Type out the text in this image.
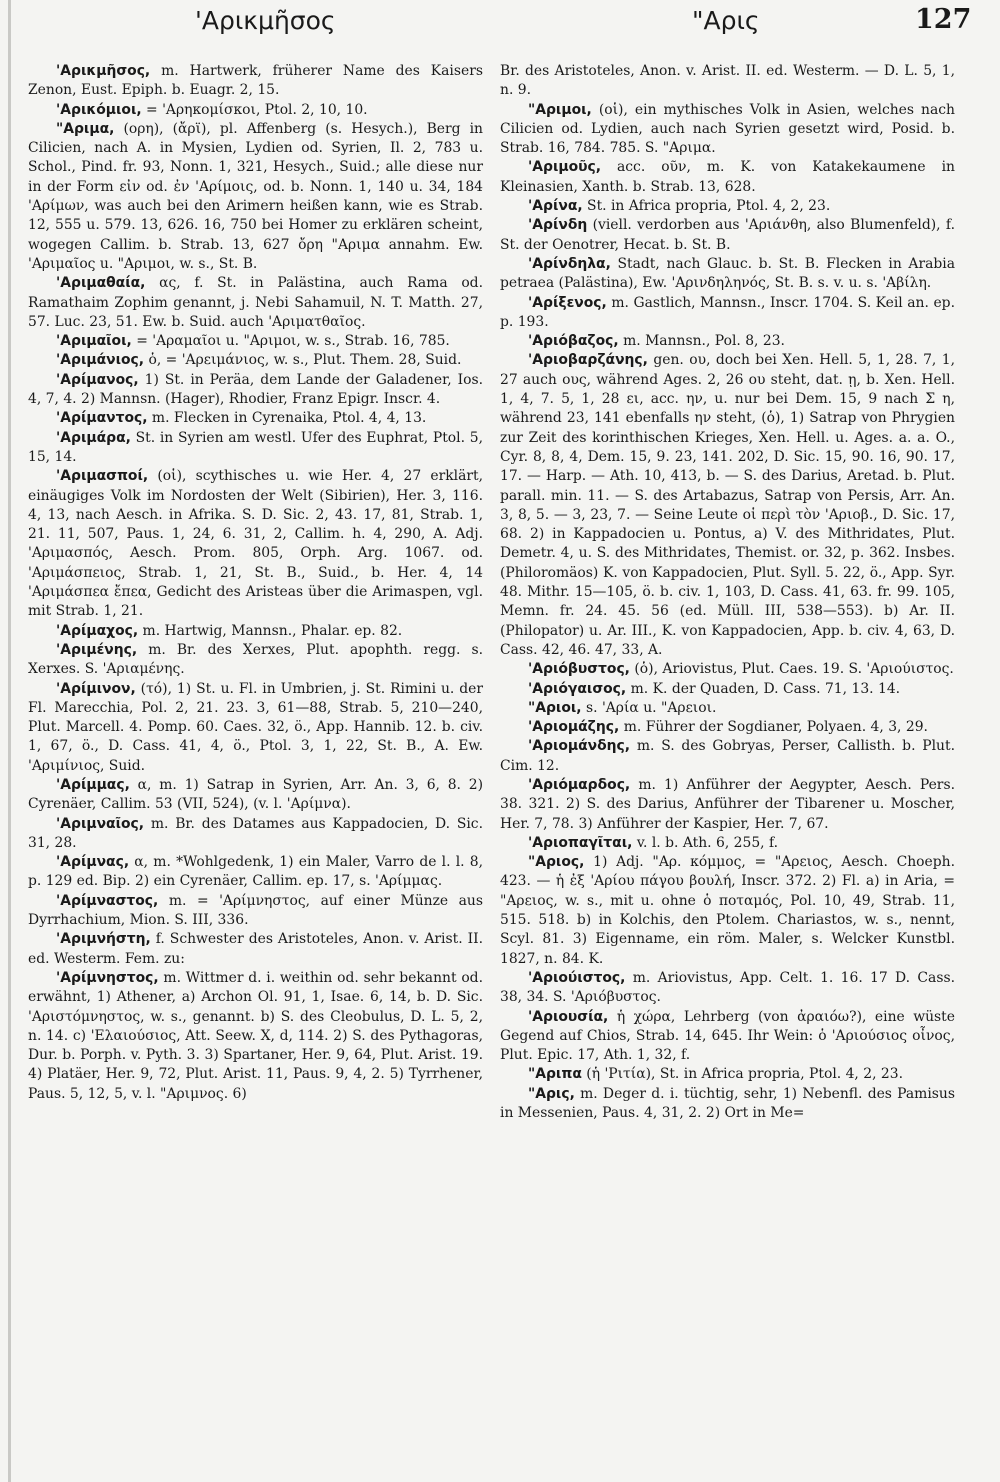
'Αρικμῆσος	"Αρις	127

'Αρικμῆσος, m. Hartwerk, früherer Name des Kaisers Zenon, Eust. Epiph. b. Euagr. 2, 15.

'Αρικόμιοι, = 'Αρηκομίσκοι, Ptol. 2, 10, 10.

"Αριμα, (ορη), (ἄρϊ), pl. Affenberg (s. Hesych.), Berg in Cilicien, nach A. in Mysien, Lydien od. Syrien, Il. 2, 783 u. Schol., Pind. fr. 93, Nonn. 1, 321, Hesych., Suid.; alle diese nur in der Form εἰν od. ἐν 'Αρίμοις, od. b. Nonn. 1, 140 u. 34, 184 'Αρίμων, was auch bei den Arimern heißen kann, wie es Strab. 12, 555 u. 579. 13, 626. 16, 750 bei Homer zu erklären scheint, wogegen Callim. b. Strab. 13, 627 ὄρη "Αριμα annahm. Ew. 'Αριμαῖος u. "Αριμοι, w. s., St. B.

'Αριμαθαία, ας, f. St. in Palästina, auch Rama od. Ramathaim Zophim genannt, j. Nebi Sahamuil, N. T. Matth. 27, 57. Luc. 23, 51. Ew. b. Suid. auch 'Αριματθαῖος.

'Αριμαῖοι, = 'Αραμαῖοι u. "Αριμοι, w. s., Strab. 16, 785.

'Αριμάνιος, ὁ, = 'Αρειμάνιος, w. s., Plut. Them. 28, Suid.

'Αρίμανος, 1) St. in Peräa, dem Lande der Galadener, Ios. 4, 7, 4. 2) Mannsn. (Hager), Rhodier, Franz Epigr. Inscr. 4.

'Αρίμαντος, m. Flecken in Cyrenaika, Ptol. 4, 4, 13.

'Αριμάρα, St. in Syrien am westl. Ufer des Euphrat, Ptol. 5, 15, 14.

'Αριμασποί, (οἱ), scythisches u. wie Her. 4, 27 erklärt, einäugiges Volk im Nordosten der Welt (Sibirien), Her. 3, 116. 4, 13, nach Aesch. in Afrika. S. D. Sic. 2, 43. 17, 81, Strab. 1, 21. 11, 507, Paus. 1, 24, 6. 31, 2, Callim. h. 4, 290, A. Adj. 'Αριμασπός, Aesch. Prom. 805, Orph. Arg. 1067. od. 'Αριμάσπειος, Strab. 1, 21, St. B., Suid., b. Her. 4, 14 'Αριμάσπεα ἔπεα, Gedicht des Aristeas über die Arimaspen, vgl. mit Strab. 1, 21.

'Αρίμαχος, m. Hartwig, Mannsn., Phalar. ep. 82.

'Αριμένης, m. Br. des Xerxes, Plut. apophth. regg. s. Xerxes. S. 'Αριαμένης.

'Αρίμινον, (τό), 1) St. u. Fl. in Umbrien, j. St. Rimini u. der Fl. Marecchia, Pol. 2, 21. 23. 3, 61—88, Strab. 5, 210—240, Plut. Marcell. 4. Pomp. 60. Caes. 32, ö., App. Hannib. 12. b. civ. 1, 67, ö., D. Cass. 41, 4, ö., Ptol. 3, 1, 22, St. B., A. Ew. 'Αριμίνιος, Suid.

'Αρίμμας, α, m. 1) Satrap in Syrien, Arr. An. 3, 6, 8. 2) Cyrenäer, Callim. 53 (VII, 524), (v. l. 'Αρίμνα).

'Αριμναῖος, m. Br. des Datames aus Kappadocien, D. Sic. 31, 28.

'Αρίμνας, α, m. *Wohlgedenk, 1) ein Maler, Varro de l. l. 8, p. 129 ed. Bip. 2) ein Cyrenäer, Callim. ep. 17, s. 'Αρίμμας.

'Αρίμναστος, m. = 'Αρίμνηστος, auf einer Münze aus Dyrrhachium, Mion. S. III, 336.

'Αριμνήστη, f. Schwester des Aristoteles, Anon. v. Arist. II. ed. Westerm. Fem. zu:

'Αρίμνηστος, m. Wittmer d. i. weithin od. sehr bekannt od. erwähnt, 1) Athener, a) Archon Ol. 91, 1, Isae. 6, 14, b. D. Sic. 'Αριστόμνηστος, w. s., genannt. b) S. des Cleobulus, D. L. 5, 2, n. 14. c) 'Ελαιούσιος, Att. Seew. X, d, 114. 2) S. des Pythagoras, Dur. b. Porph. v. Pyth. 3. 3) Spartaner, Her. 9, 64, Plut. Arist. 19. 4) Platäer, Her. 9, 72, Plut. Arist. 11, Paus. 9, 4, 2. 5) Tyrrhener, Paus. 5, 12, 5, v. l. "Αριμνος. 6)

Br. des Aristoteles, Anon. v. Arist. II. ed. Westerm. — D. L. 5, 1, n. 9.

"Αριμοι, (οἱ), ein mythisches Volk in Asien, welches nach Cilicien od. Lydien, auch nach Syrien gesetzt wird, Posid. b. Strab. 16, 784. 785. S. "Αριμα.

'Αριμοῦς, acc. οῦν, m. K. von Katakekaumene in Kleinasien, Xanth. b. Strab. 13, 628.

'Αρίνα, St. in Africa propria, Ptol. 4, 2, 23.

'Αρίνδη (viell. verdorben aus 'Αριάνθη, also Blumenfeld), f. St. der Oenotrer, Hecat. b. St. B.

'Αρίνδηλα, Stadt, nach Glauc. b. St. B. Flecken in Arabia petraea (Palästina), Ew. 'Αρινδηληνός, St. B. s. v. u. s. 'Αβίλη.

'Αρίξενος, m. Gastlich, Mannsn., Inscr. 1704. S. Keil an. ep. p. 193.

'Αριόβαζος, m. Mannsn., Pol. 8, 23.

'Αριοβαρζάνης, gen. ου, doch bei Xen. Hell. 5, 1, 28. 7, 1, 27 auch ους, während Ages. 2, 26 ου steht, dat. ῃ, b. Xen. Hell. 1, 4, 7. 5, 1, 28 ει, acc. ην, u. nur bei Dem. 15, 9 nach Σ η, während 23, 141 ebenfalls ην steht, (ὁ), 1) Satrap von Phrygien zur Zeit des korinthischen Krieges, Xen. Hell. u. Ages. a. a. O., Cyr. 8, 8, 4, Dem. 15, 9. 23, 141. 202, D. Sic. 15, 90. 16, 90. 17, 17. — Harp. — Ath. 10, 413, b. — S. des Darius, Aretad. b. Plut. parall. min. 11. — S. des Artabazus, Satrap von Persis, Arr. An. 3, 8, 5. — 3, 23, 7. — Seine Leute οἱ περὶ τὸν 'Αριοβ., D. Sic. 17, 68. 2) in Kappadocien u. Pontus, a) V. des Mithridates, Plut. Demetr. 4, u. S. des Mithridates, Themist. or. 32, p. 362. Insbes. (Philoromäos) K. von Kappadocien, Plut. Syll. 5. 22, ö., App. Syr. 48. Mithr. 15—105, ö. b. civ. 1, 103, D. Cass. 41, 63. fr. 99. 105, Memn. fr. 24. 45. 56 (ed. Müll. III, 538—553). b) Ar. II. (Philopator) u. Ar. III., K. von Kappadocien, App. b. civ. 4, 63, D. Cass. 42, 46. 47, 33, A.

'Αριόβυστος, (ὁ), Ariovistus, Plut. Caes. 19. S. 'Αριούιστος.

'Αριόγαισος, m. K. der Quaden, D. Cass. 71, 13. 14.

"Αριοι, s. 'Αρία u. "Αρειοι.

'Αριομάζης, m. Führer der Sogdianer, Polyaen. 4, 3, 29.

'Αριομάνδης, m. S. des Gobryas, Perser, Callisth. b. Plut. Cim. 12.

'Αριόμαρδος, m. 1) Anführer der Aegypter, Aesch. Pers. 38. 321. 2) S. des Darius, Anführer der Tibarener u. Moscher, Her. 7, 78. 3) Anführer der Kaspier, Her. 7, 67.

'Αριοπαγῖται, v. l. b. Ath. 6, 255, f.

"Αριος, 1) Adj. "Αρ. κόμμος, = "Αρειος, Aesch. Choeph. 423. — ἡ ἐξ 'Αρίου πάγου βουλή, Inscr. 372. 2) Fl. a) in Aria, = "Αρειος, w. s., mit u. ohne ὁ ποταμός, Pol. 10, 49, Strab. 11, 515. 518. b) in Kolchis, den Ptolem. Chariastos, w. s., nennt, Scyl. 81. 3) Eigenname, ein röm. Maler, s. Welcker Kunstbl. 1827, n. 84. K.

'Αριούιστος, m. Ariovistus, App. Celt. 1. 16. 17 D. Cass. 38, 34. S. 'Αριόβυστος.

'Αριουσία, ἡ χώρα, Lehrberg (von ἀραιόω?), eine wüste Gegend auf Chios, Strab. 14, 645. Ihr Wein: ὁ 'Αριούσιος οἶνος, Plut. Epic. 17, Ath. 1, 32, f.

"Αριπα (ἡ 'Ριτία), St. in Africa propria, Ptol. 4, 2, 23.

"Αρις, m. Deger d. i. tüchtig, sehr, 1) Nebenfl. des Pamisus in Messenien, Paus. 4, 31, 2. 2) Ort in Me=
